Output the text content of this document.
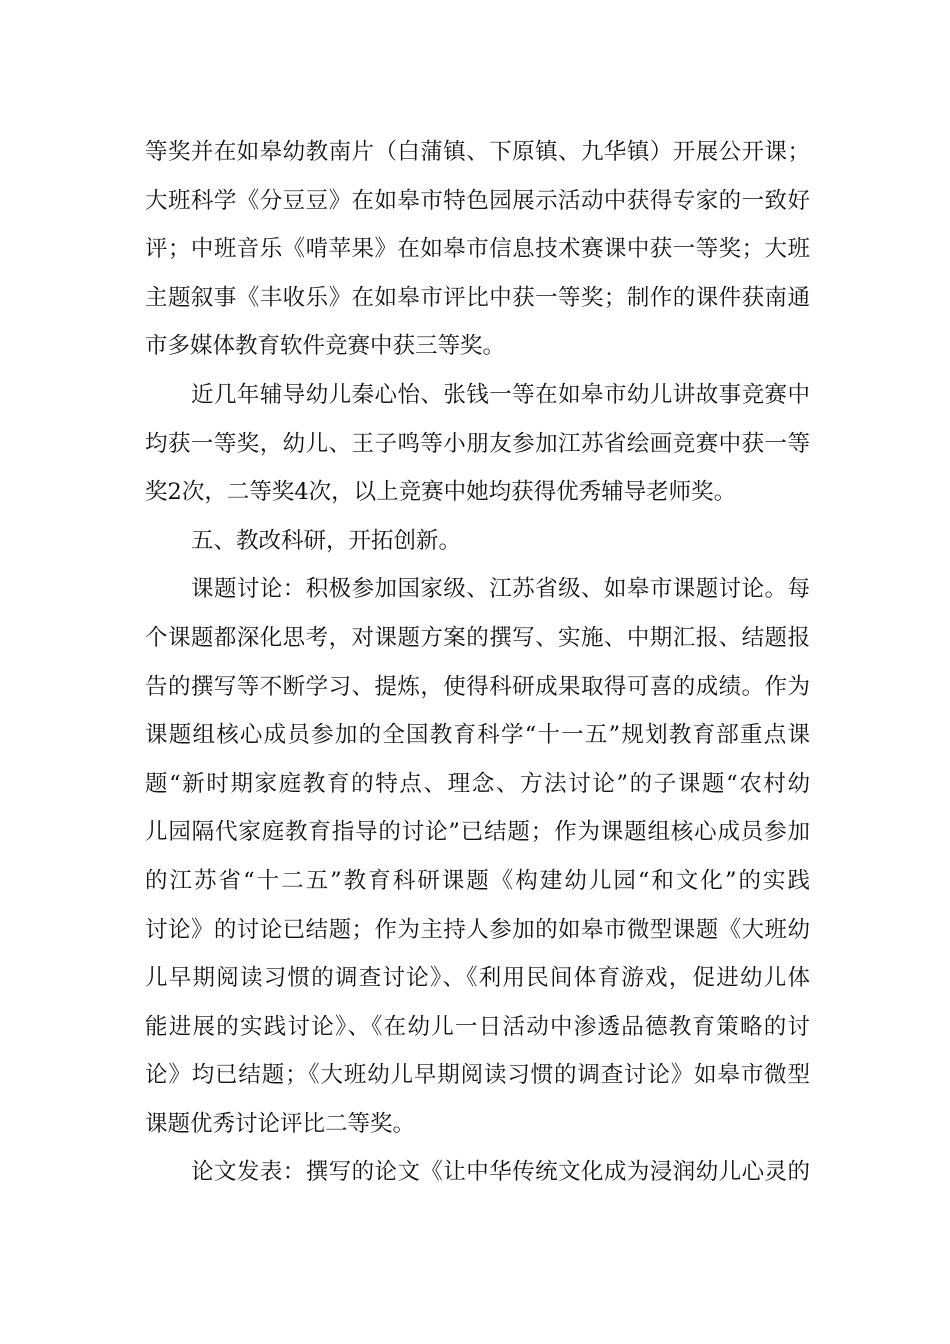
等奖并在如皋幼教南片（白蒲镇、下原镇、九华镇）开展公开课；
大班科学《分豆豆》在如皋市特色园展示活动中获得专家的一致好
评；中班音乐《啃苹果》在如皋市信息技术赛课中获一等奖；大班
主题叙事《丰收乐》在如皋市评比中获一等奖；制作的课件获南通
市多媒体教育软件竞赛中获三等奖。
近几年辅导幼儿秦心怡、张钱一等在如皋市幼儿讲故事竞赛中
均获一等奖，幼儿、王子鸣等小朋友参加江苏省绘画竞赛中获一等
奖2次，二等奖4次，以上竞赛中她均获得优秀辅导老师奖。
五、教改科研，开拓创新。
课题讨论：积极参加国家级、江苏省级、如皋市课题讨论。每
个课题都深化思考，对课题方案的撰写、实施、中期汇报、结题报
告的撰写等不断学习、提炼，使得科研成果取得可喜的成绩。作为
课题组核心成员参加的全国教育科学“十一五”规划教育部重点课
题“新时期家庭教育的特点、理念、方法讨论”的子课题“农村幼
儿园隔代家庭教育指导的讨论”已结题；作为课题组核心成员参加
的江苏省“十二五”教育科研课题《构建幼儿园“和文化”的实践
讨论》的讨论已结题；作为主持人参加的如皋市微型课题《大班幼
儿早期阅读习惯的调查讨论》、《利用民间体育游戏，促进幼儿体
能进展的实践讨论》、《在幼儿一日活动中渗透品德教育策略的讨
论》均已结题；《大班幼儿早期阅读习惯的调查讨论》如皋市微型
课题优秀讨论评比二等奖。
论文发表：撰写的论文《让中华传统文化成为浸润幼儿心灵的
